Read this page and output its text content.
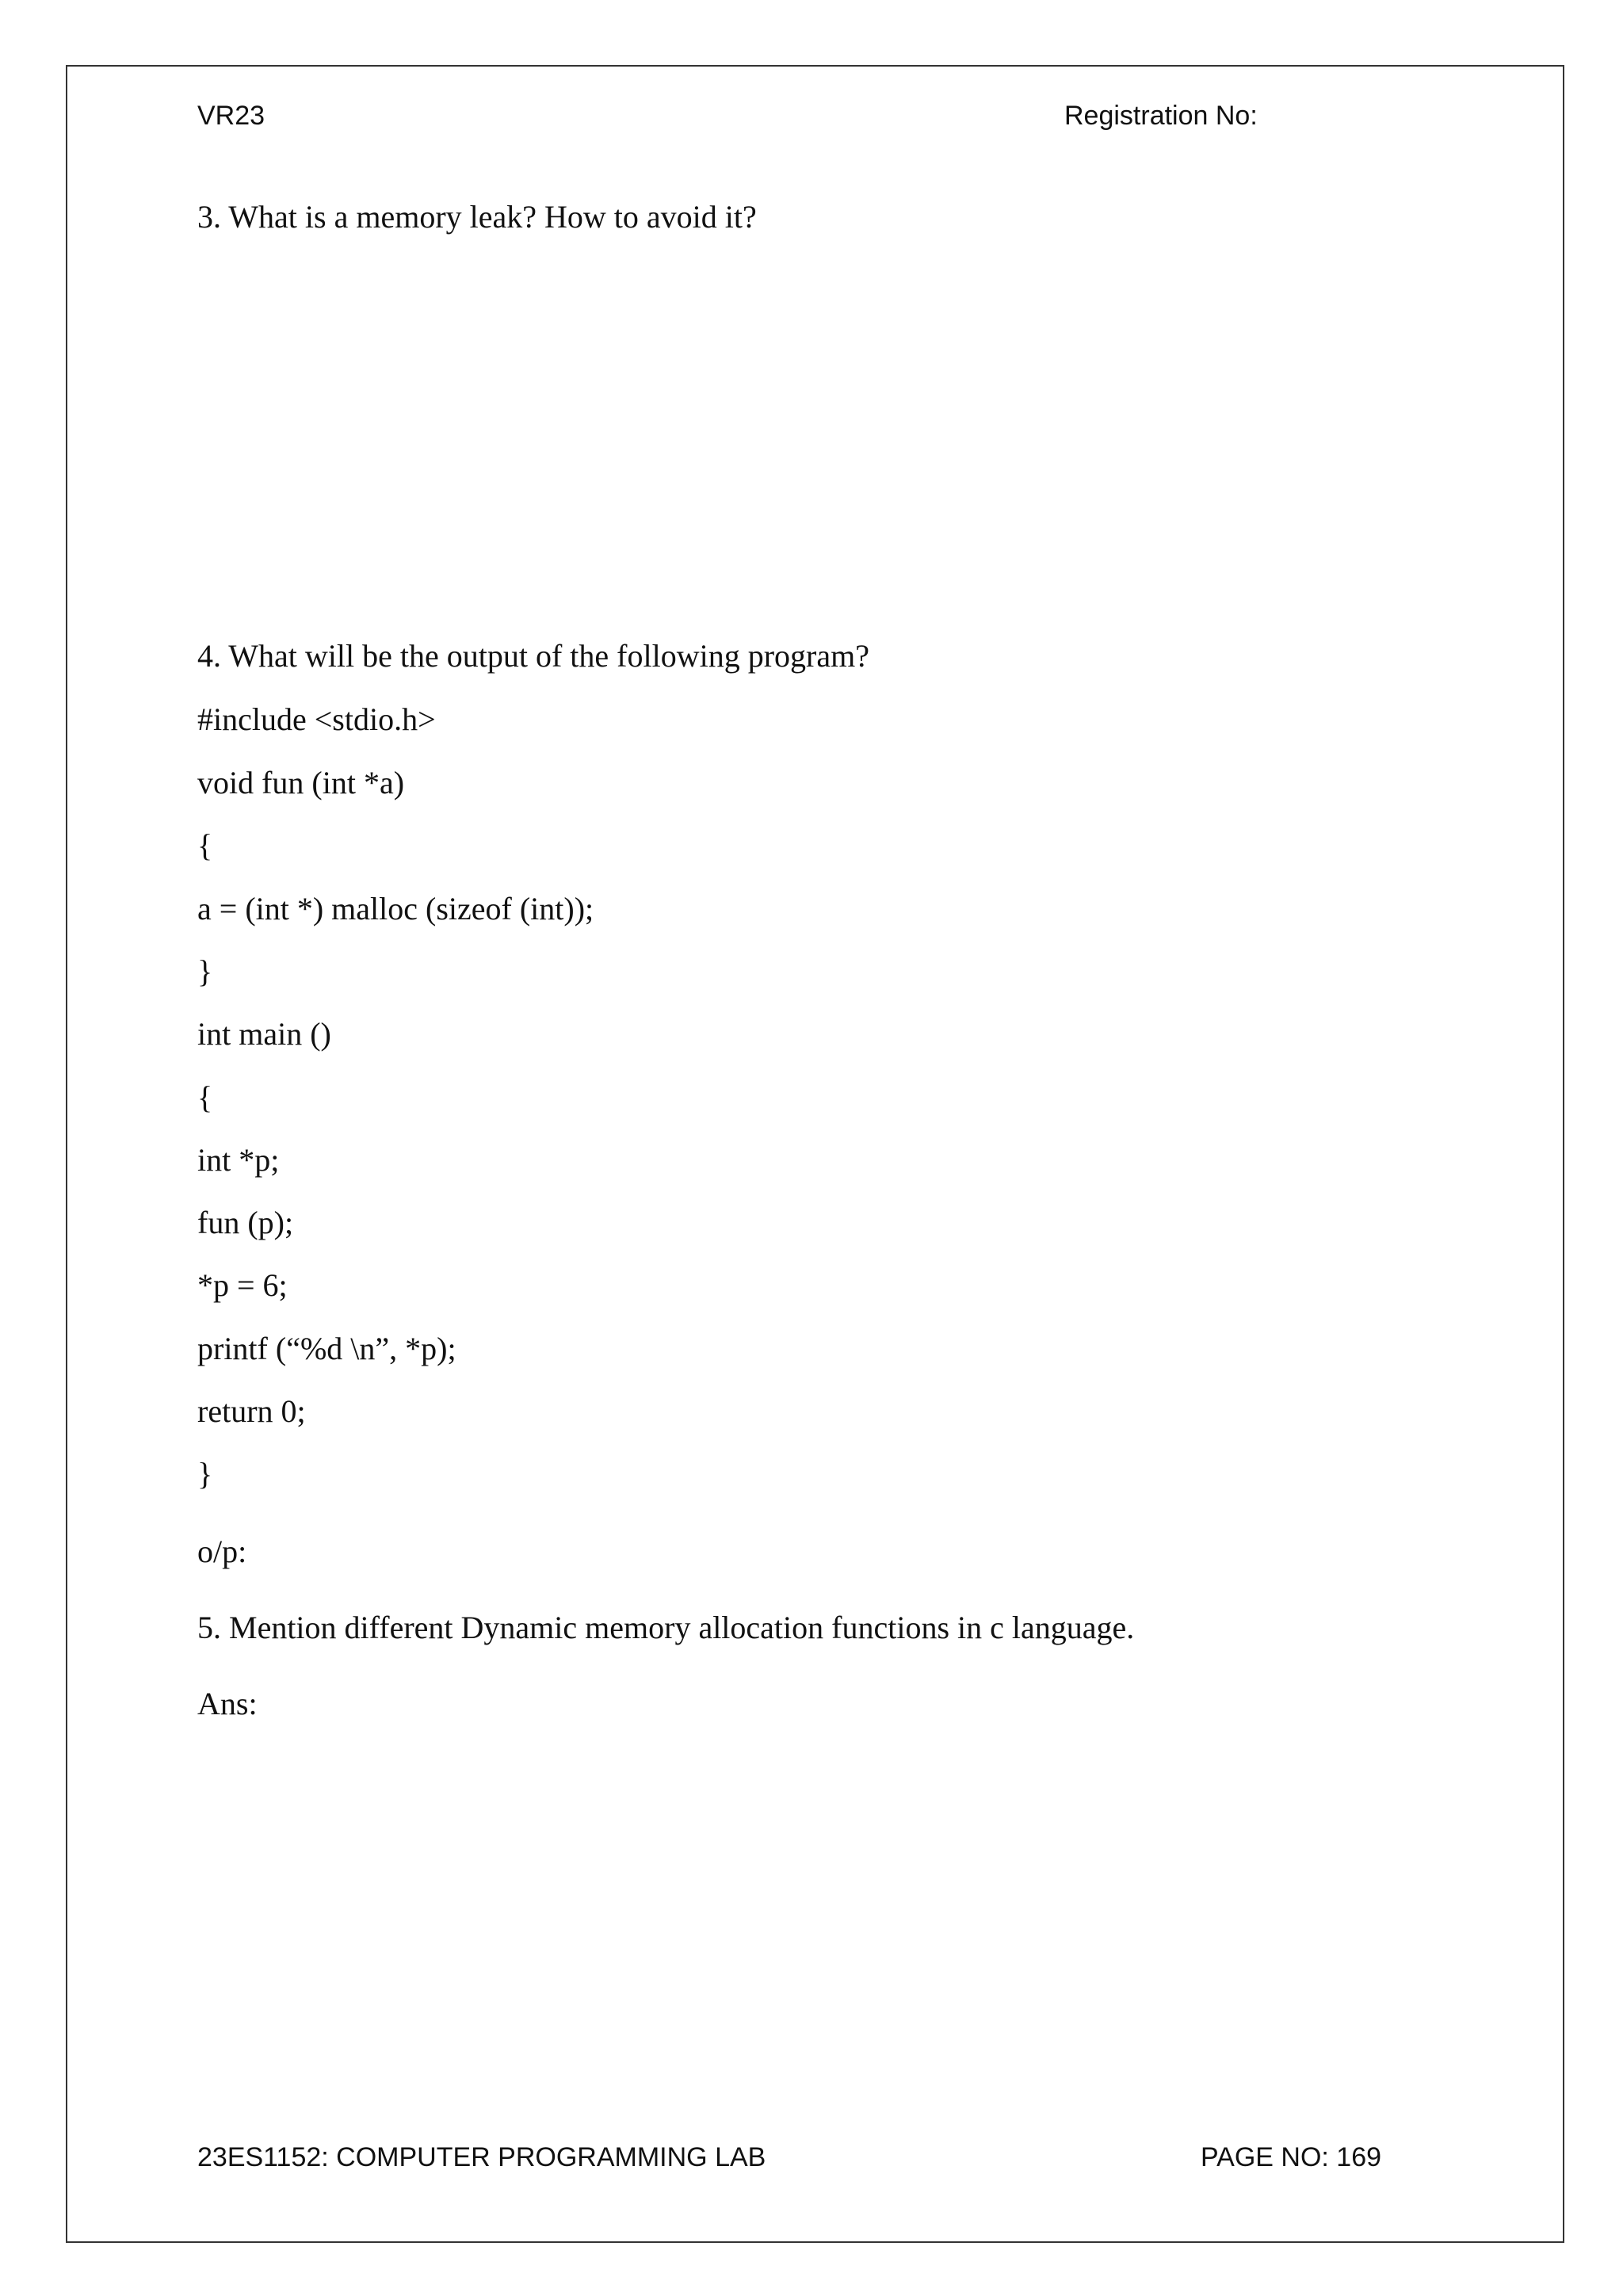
VR23	Registration No:
3. What is a memory leak? How to avoid it?
4. What will be the output of the following program?
#include <stdio.h>
void fun (int *a)
{
a = (int *) malloc (sizeof (int));
}
int main ()
{
int *p;
fun (p);
*p = 6;
printf (“%d \n”, *p);
return 0;
}
o/p:
5. Mention different Dynamic memory allocation functions in c language.
Ans:
23ES1152: COMPUTER PROGRAMMING LAB	PAGE NO: 169
